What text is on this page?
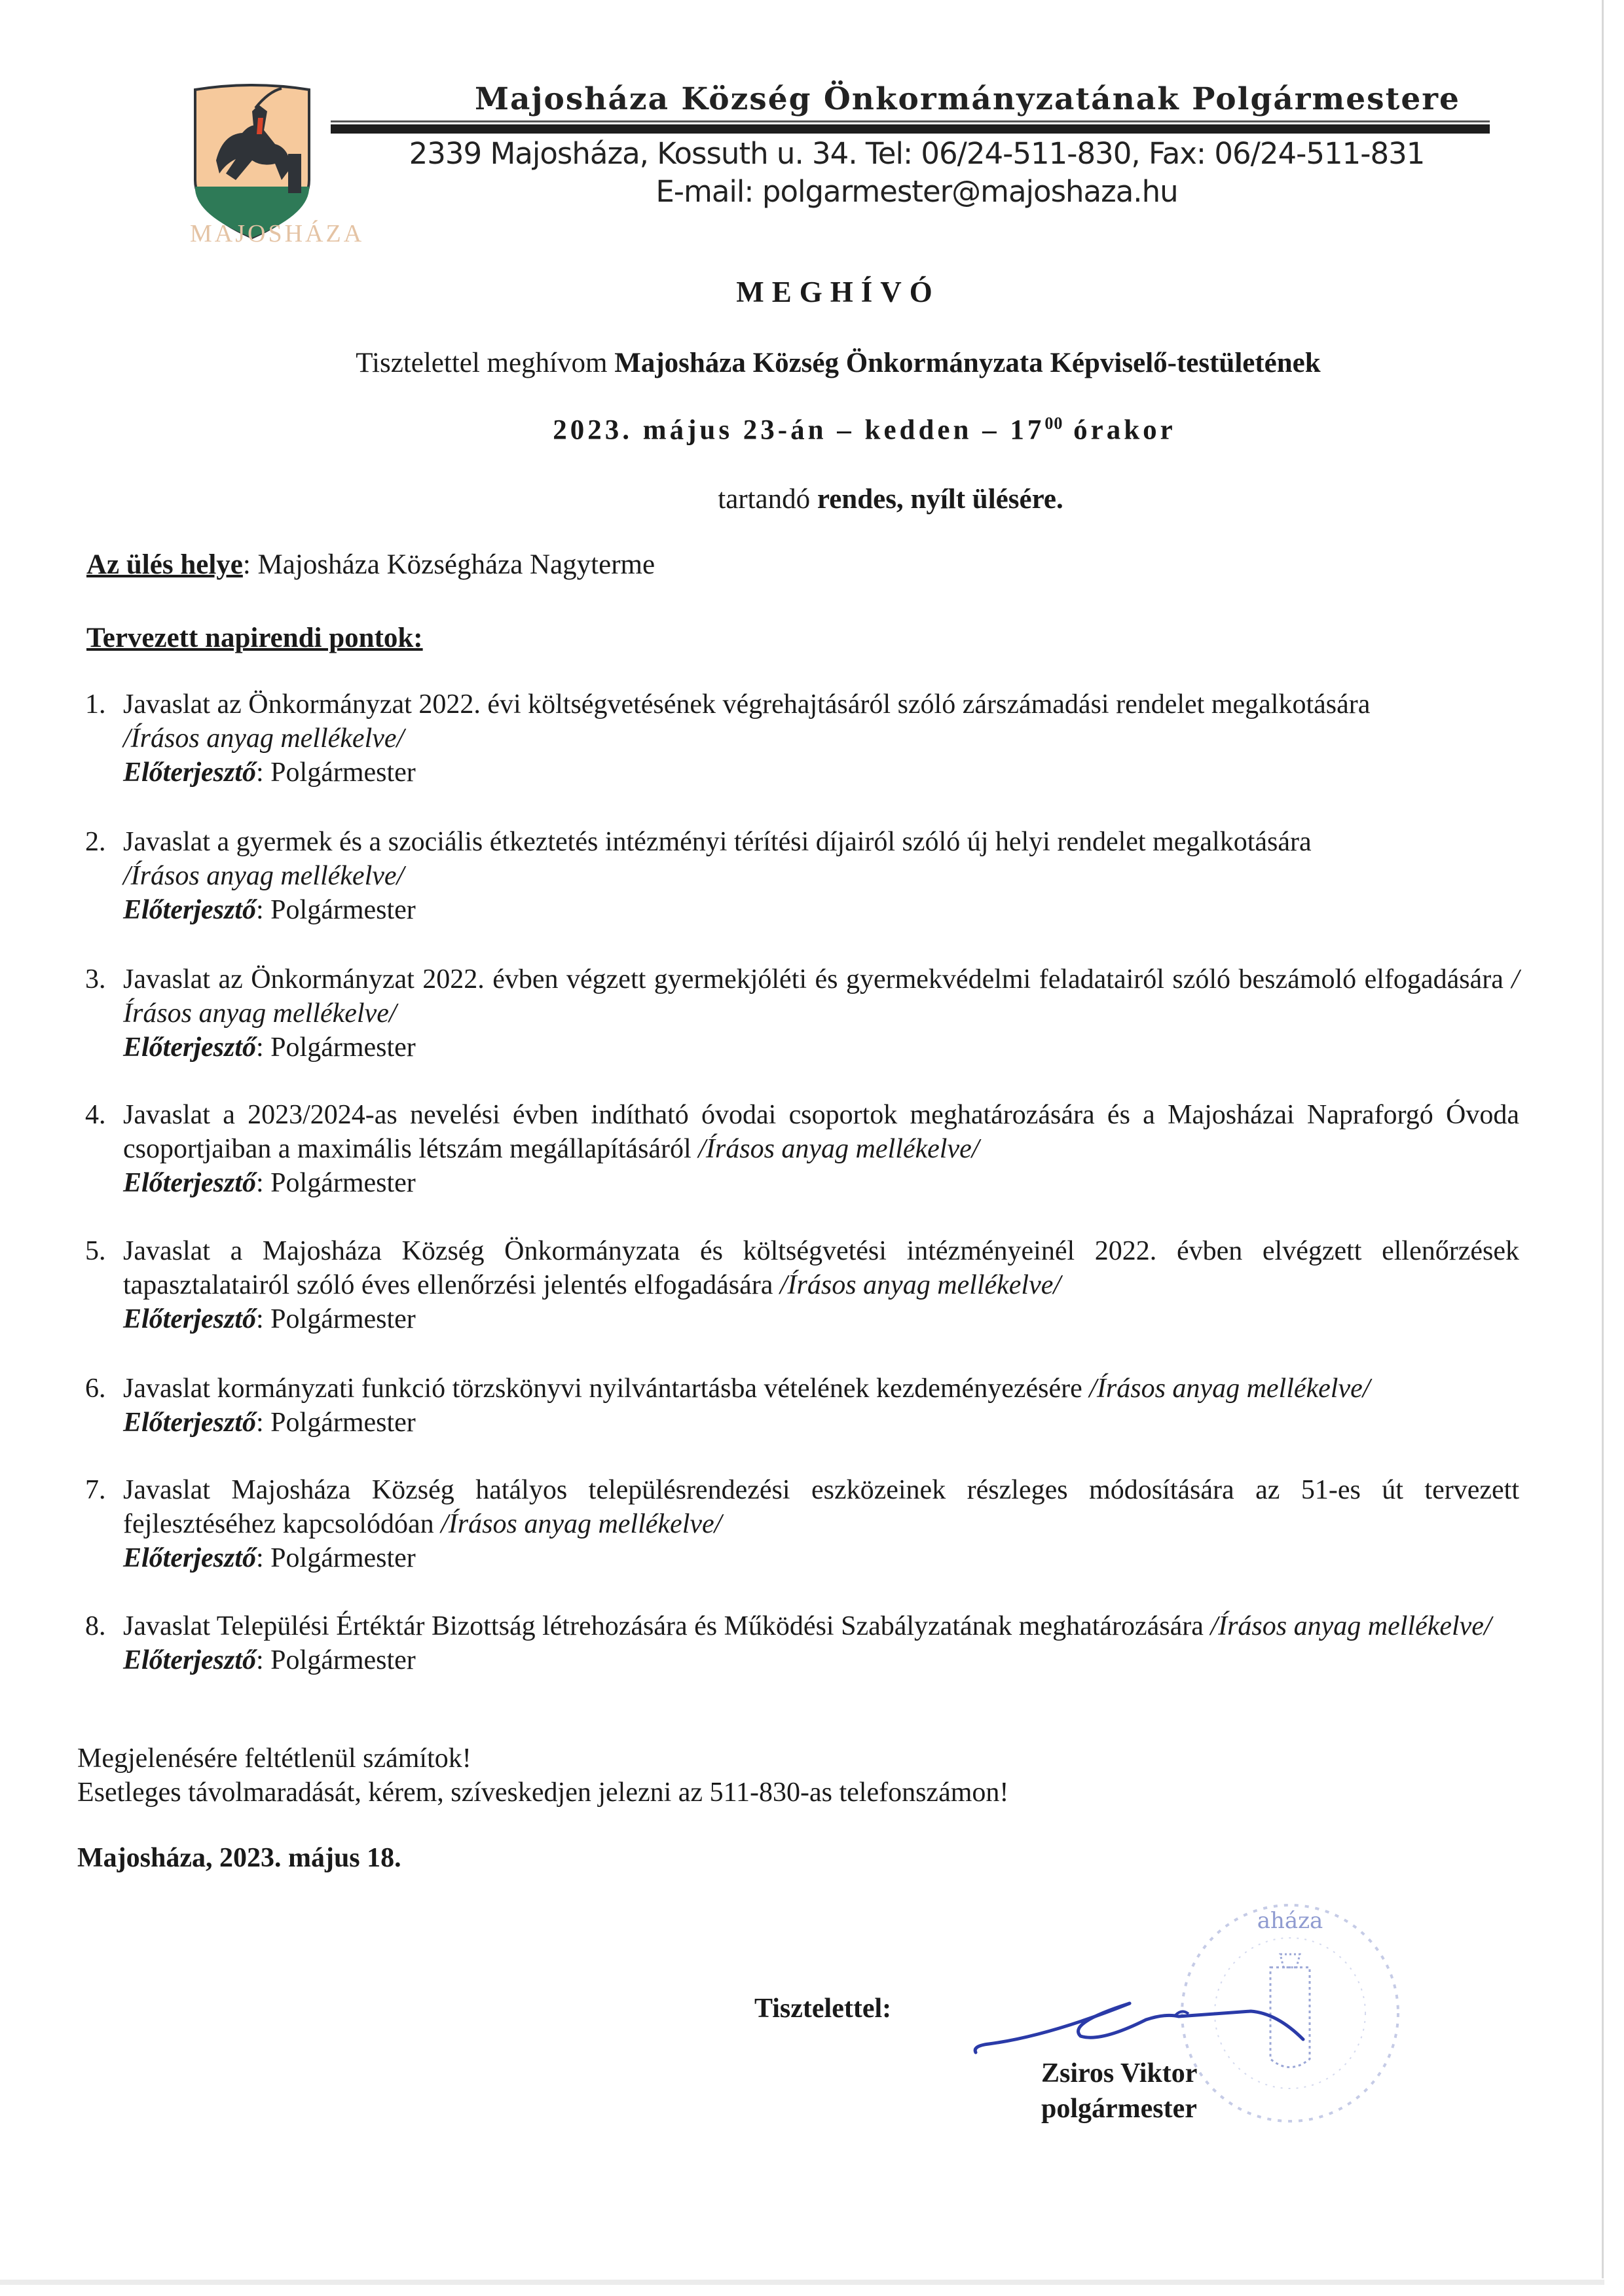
MAJOSHÁZA
Majosháza Község Önkormányzatának Polgármestere
2339 Majosháza, Kossuth u. 34. Tel: 06/24-511-830, Fax: 06/24-511-831
E-mail: polgarmester@majoshaza.hu
MEGHÍVÓ
Tisztelettel meghívom Majosháza Község Önkormányzata Képviselő-testületének
2023. május 23-án – kedden – $17^{00}$ órakor
tartandó rendes, nyílt ülésére.
Az ülés helye: Majosháza Községháza Nagyterme
Tervezett napirendi pontok:
1. Javaslat az Önkormányzat 2022. évi költségvetésének végrehajtásáról szóló zárszámadási rendelet megalkotására
/Írásos anyag mellékelve/
Előterjesztő: Polgármester
2. Javaslat a gyermek és a szociális étkeztetés intézményi térítési díjairól szóló új helyi rendelet megalkotására
/Írásos anyag mellékelve/
Előterjesztő: Polgármester
3. Javaslat az Önkormányzat 2022. évben végzett gyermekjóléti és gyermekvédelmi feladatairól szóló beszámoló elfogadására /Írásos anyag mellékelve/
Előterjesztő: Polgármester
4. Javaslat a 2023/2024-as nevelési évben indítható óvodai csoportok meghatározására és a Majosházai Napraforgó Óvoda csoportjaiban a maximális létszám megállapításáról /Írásos anyag mellékelve/
Előterjesztő: Polgármester
5. Javaslat a Majosháza Község Önkormányzata és költségvetési intézményeinél 2022. évben elvégzett ellenőrzések tapasztalatairól szóló éves ellenőrzési jelentés elfogadására /Írásos anyag mellékelve/
Előterjesztő: Polgármester
6. Javaslat kormányzati funkció törzskönyvi nyilvántartásba vételének kezdeményezésére /Írásos anyag mellékelve/
Előterjesztő: Polgármester
7. Javaslat Majosháza Község hatályos településrendezési eszközeinek részleges módosítására az 51-es út tervezett fejlesztéséhez kapcsolódóan /Írásos anyag mellékelve/
Előterjesztő: Polgármester
8. Javaslat Települési Értéktár Bizottság létrehozására és Működési Szabályzatának meghatározására /Írásos anyag mellékelve/
Előterjesztő: Polgármester
Megjelenésére feltétlenül számítok!
Esetleges távolmaradását, kérem, szíveskedjen jelezni az 511-830-as telefonszámon!
Majosháza, 2023. május 18.
aháza
Tisztelettel:
Zsiros Viktor
polgármester
